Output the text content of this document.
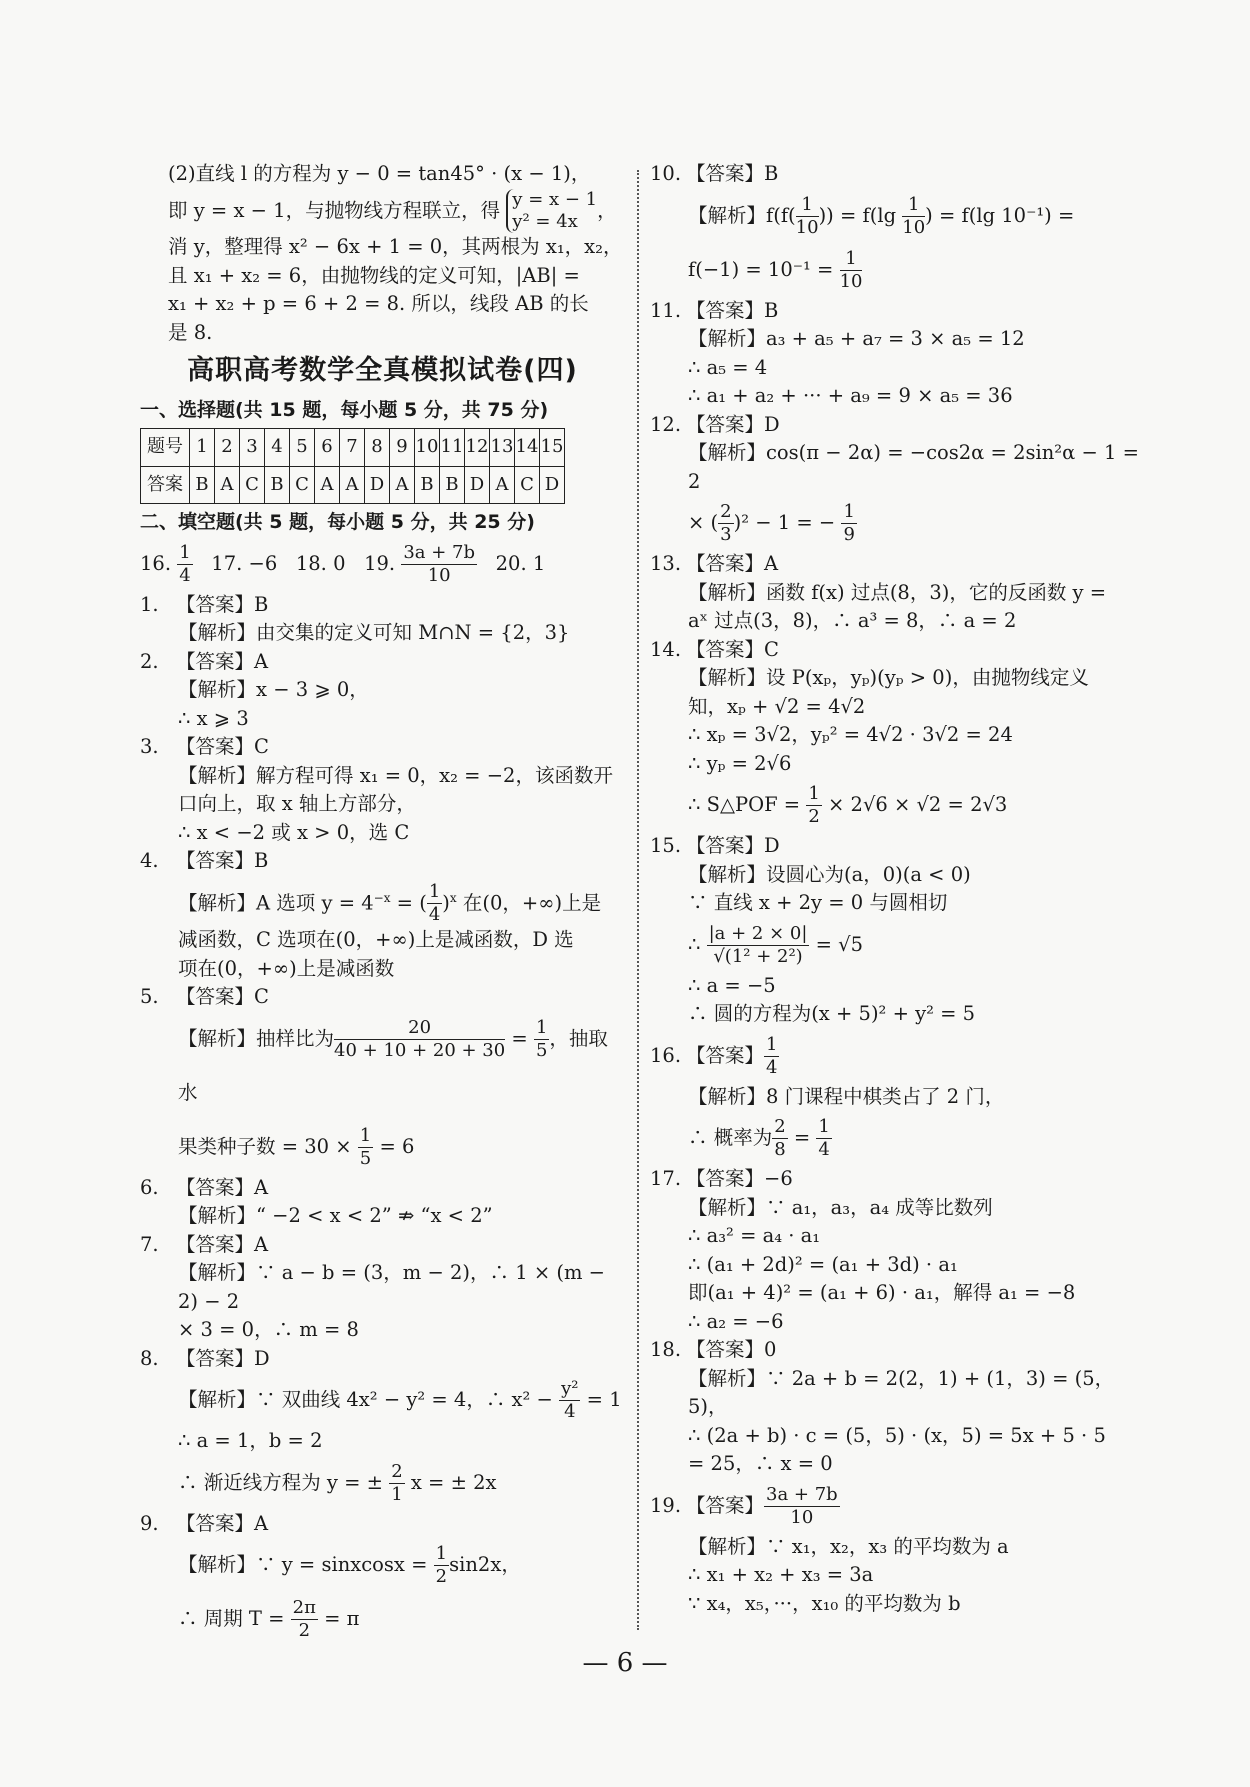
(2)直线 l 的方程为 y − 0 = tan45° · (x − 1)，

即 y = x − 1，与抛物线方程联立，得 y = x − 1
y² = 4x ，

消 y，整理得 x² − 6x + 1 = 0，其两根为 x₁，x₂，

且 x₁ + x₂ = 6，由抛物线的定义可知，|AB| =

x₁ + x₂ + p = 6 + 2 = 8. 所以，线段 AB 的长

是 8.

高职高考数学全真模拟试卷(四)
一、选择题(共 15 题，每小题 5 分，共 75 分)
题号	1	2	3	4	5	6	7	8	9	10	11	12	13	14	15
答案	B	A	C	B	C	A	A	D	A	B	B	D	A	C	D
二、填空题(共 5 题，每小题 5 分，共 25 分)

16. $\frac{1}{4} 17$. −6 18. 0 19. $\frac{3a + 7b}{10} 20$. 1

1. 【答案】B

【解析】由交集的定义可知 M∩N = {2，3}

2. 【答案】A

【解析】x − 3 ⩾ 0，

∴ x ⩾ 3

3. 【答案】C

【解析】解方程可得 x₁ = 0，x₂ = −2，该函数开

口向上，取 x 轴上方部分，

∴ x < −2 或 x > 0，选 C

4. 【答案】B

【解析】A 选项 $y = 4^{-x}$ = ( $\frac{1}{4} )^x$ 在(0，+∞)上是

减函数，C 选项在(0，+∞)上是减函数，D 选

项在(0，+∞)上是减函数

5. 【答案】C

【解析】抽样比为 $\frac{20}{40 + 10 + 20 + 30} = \frac{1}{5}$ ，抽取水

果类种子数 = $30 \times \frac{1}{5} = 6$

6. 【答案】A

【解析】“ −2 < x < 2” ⇏ “x < 2”

7. 【答案】A

【解析】∵ a − b = (3，m − 2)，∴ 1 × (m − 2) − 2

× 3 = 0，∴ m = 8

8. 【答案】D

【解析】∵ 双曲线 4x² − y² = 4，∴ $x^2 - \frac{\text{y²}}{4} = 1$

∴ a = 1，b = 2

∴ 渐近线方程为 y = ± $\frac{2}{1}$ x = ± 2x

9. 【答案】A

【解析】∵ y = sinxcosx = $\frac{1}{2} \sin 2x$，

∴ 周期 $T = \frac{2\pi}{2} = \pi$

10. 【答案】B

【解析】$f(f( \frac{1}{10}$ )) = $f(\lg \frac{1}{10}$ ) = f(lg 10⁻¹) =

$f(-1) = 10^{-1} = \frac{1}{10}$

11. 【答案】B

【解析】a₃ + a₅ + a₇ = 3 × a₅ = 12

∴ a₅ = 4

∴ a₁ + a₂ + ··· + a₉ = 9 × a₅ = 36

12. 【答案】D

【解析】cos(π − 2α) = −cos2α = 2sin²α − 1 = 2

× ( $\frac{2}{3} )^2 - 1$ = − $\frac{1}{9}$

13. 【答案】A

【解析】函数 f(x) 过点(8，3)，它的反函数 y =

aˣ 过点(3，8)，∴ a³ = 8，∴ a = 2

14. 【答案】C

【解析】设 P(xₚ，yₚ)(yₚ > 0)，由抛物线定义

知，xₚ + √2 = 4√2

∴ xₚ = 3√2，yₚ² = 4√2 · 3√2 = 24

∴ yₚ = 2√6

∴ S△POF = $\frac{1}{2} \times 2√6 \times √2 = 2√3$

15. 【答案】D

【解析】设圆心为(a，0)(a < 0)

∵ 直线 x + 2y = 0 与圆相切

∴ $\frac{|a + 2 \times 0|}{\text{√(1² + 2²)}} = √5$

∴ a = −5

∴ 圆的方程为(x + 5)² + y² = 5

16. 【答案】 $\frac{1}{4}$

【解析】8 门课程中棋类占了 2 门，

∴ 概率为 $\frac{2}{8} = \frac{1}{4}$

17. 【答案】−6

【解析】∵ a₁，a₃，a₄ 成等比数列

∴ a₃² = a₄ · a₁

∴ (a₁ + 2d)² = (a₁ + 3d) · a₁

即(a₁ + 4)² = (a₁ + 6) · a₁，解得 a₁ = −8

∴ a₂ = −6

18. 【答案】0

【解析】∵ 2a + b = 2(2，1) + (1，3) = (5，5)，

∴ (2a + b) · c = (5，5) · (x，5) = 5x + 5 · 5

= 25，∴ x = 0

19. 【答案】 $\frac{3a + 7b}{10}$

【解析】∵ x₁，x₂，x₃ 的平均数为 a

∴ x₁ + x₂ + x₃ = 3a

∵ x₄，x₅，···，x₁₀ 的平均数为 b

— 6 —
